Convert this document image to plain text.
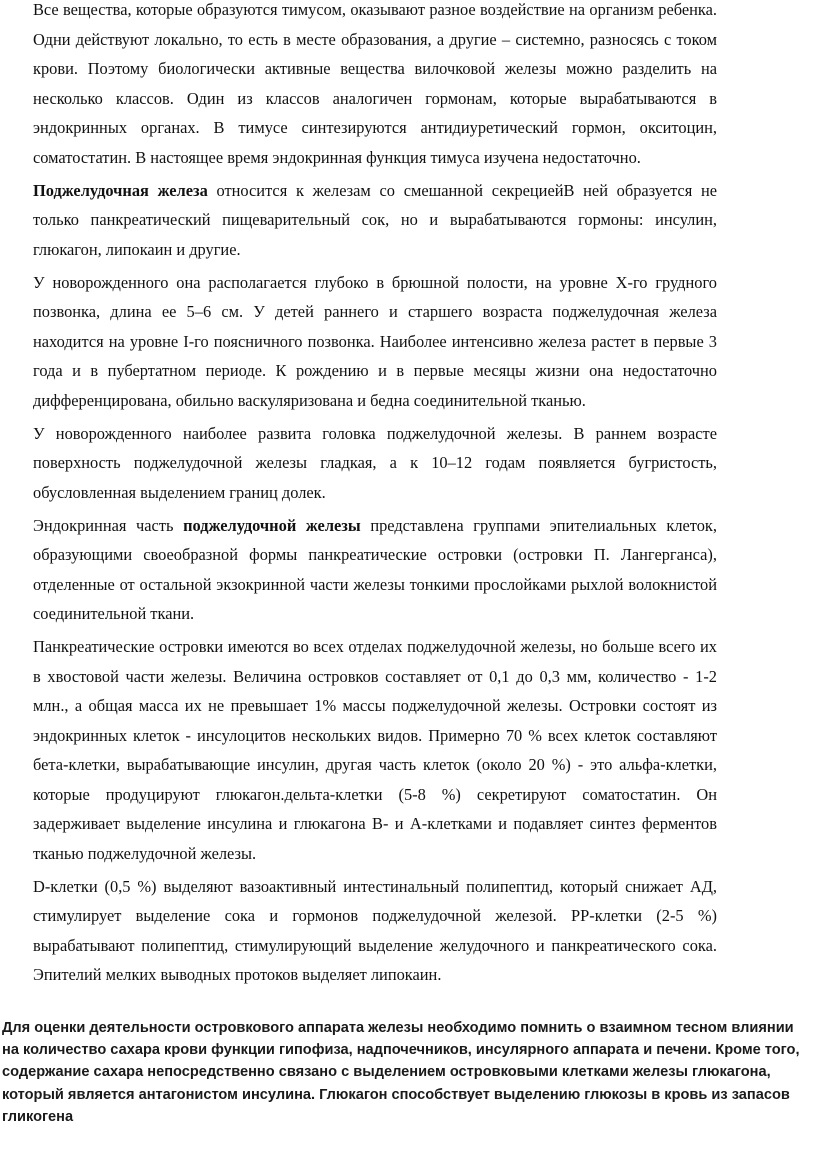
Все вещества, которые образуются тимусом, оказывают разное воздействие на организм ребенка. Одни действуют локально, то есть в месте образования, а другие – системно, разносясь с током крови. Поэтому биологически активные вещества вилочковой железы можно разделить на несколько классов. Один из классов аналогичен гормонам, которые вырабатываются в эндокринных органах. В тимусе синтезируются антидиуретический гормон, окситоцин, соматостатин. В настоящее время эндокринная функция тимуса изучена недостаточно.

Поджелудочная железа относится к железам со смешанной секрециейВ ней образуется не только панкреатический пищеварительный сок, но и вырабатываются гормоны: инсулин, глюкагон, липокаин и другие.

У новорожденного она располагается глубоко в брюшной полости, на уровне X-го грудного позвонка, длина ее 5–6 см. У детей раннего и старшего возраста поджелудочная железа находится на уровне I-го поясничного позвонка. Наиболее интенсивно железа растет в первые 3 года и в пубертатном периоде. К рождению и в первые месяцы жизни она недостаточно дифференцирована, обильно васкуляризована и бедна соединительной тканью.

У новорожденного наиболее развита головка поджелудочной железы. В раннем возрасте поверхность поджелудочной железы гладкая, а к 10–12 годам появляется бугристость, обусловленная выделением границ долек.

Эндокринная часть поджелудочной железы представлена группами эпителиальных клеток, образующими своеобразной формы панкреатические островки (островки П. Лангерганса), отделенные от остальной экзокринной части железы тонкими прослойками рыхлой волокнистой соединительной ткани.

Панкреатические островки имеются во всех отделах поджелудочной железы, но больше всего их в хвостовой части железы. Величина островков составляет от 0,1 до 0,3 мм, количество - 1-2 млн., а общая масса их не превышает 1% массы поджелудочной железы. Островки состоят из эндокринных клеток - инсулоцитов нескольких видов. Примерно 70 % всех клеток составляют бета-клетки, вырабатывающие инсулин, другая часть клеток (около 20 %) - это альфа-клетки, которые продуцируют глюкагон.дельта-клетки (5-8 %) секретируют соматостатин. Он задерживает выделение инсулина и глюкагона В- и А-клетками и подавляет синтез ферментов тканью поджелудочной железы.

D-клетки (0,5 %) выделяют вазоактивный интестинальный полипептид, который снижает АД, стимулирует выделение сока и гормонов поджелудочной железой. РР-клетки (2-5 %) вырабатывают полипептид, стимулирующий выделение желудочного и панкреатического сока. Эпителий мелких выводных протоков выделяет липокаин.

Для оценки деятельности островкового аппарата железы необходимо помнить о взаимном тесном влиянии на количество сахара крови функции гипофиза, надпочечников, инсулярного аппарата и печени. Кроме того, содержание сахара непосредственно связано с выделением островковыми клетками железы глюкагона, который является антагонистом инсулина. Глюкагон способствует выделению глюкозы в кровь из запасов гликогена
